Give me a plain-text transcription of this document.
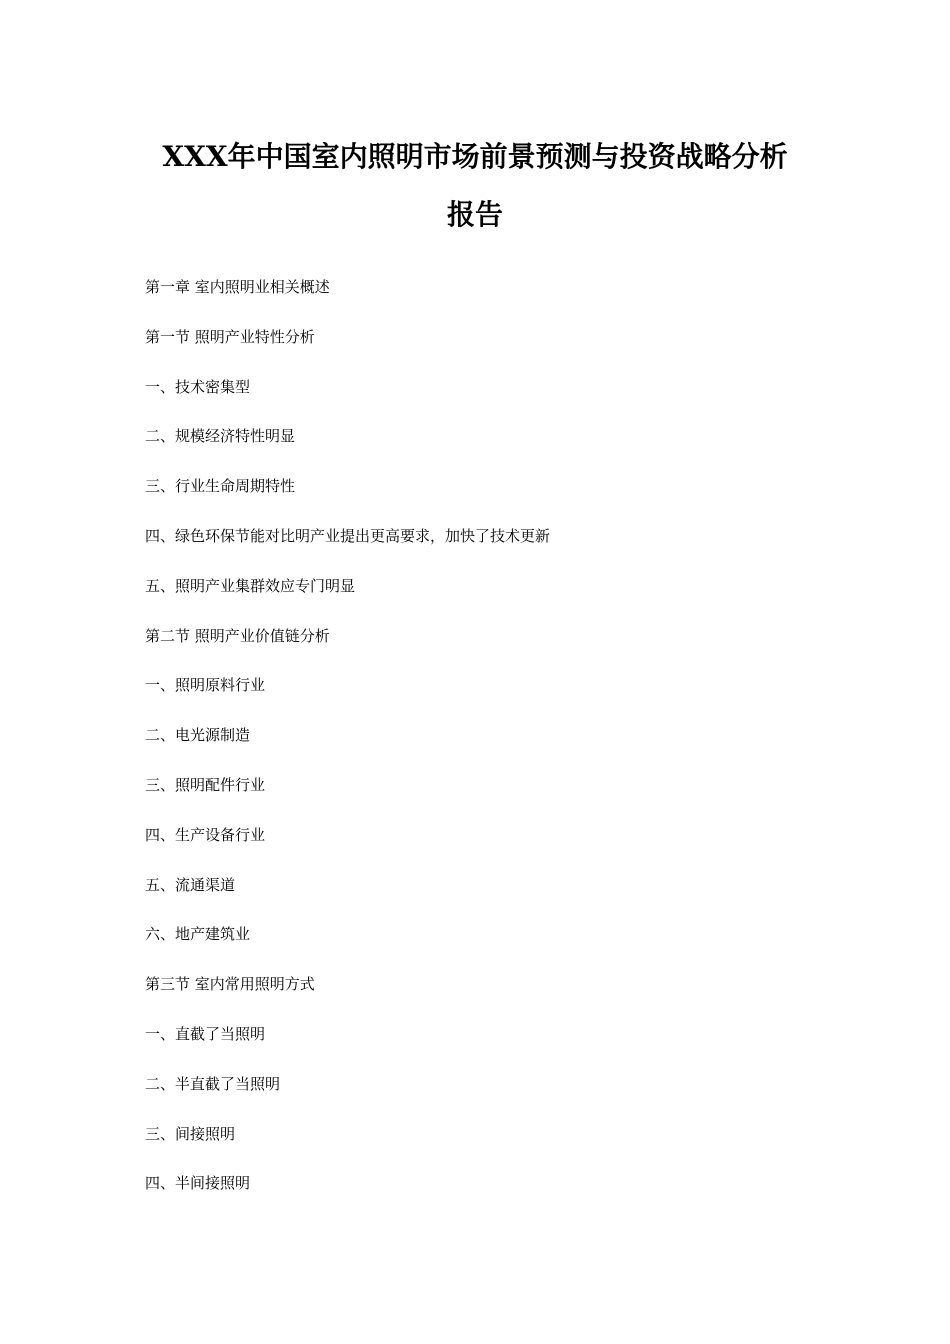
XXX年中国室内照明市场前景预测与投资战略分析
报告
第一章 室内照明业相关概述
第一节 照明产业特性分析
一、技术密集型
二、规模经济特性明显
三、行业生命周期特性
四、绿色环保节能对比明产业提出更高要求，加快了技术更新
五、照明产业集群效应专门明显
第二节 照明产业价值链分析
一、照明原料行业
二、电光源制造
三、照明配件行业
四、生产设备行业
五、流通渠道
六、地产建筑业
第三节 室内常用照明方式
一、直截了当照明
二、半直截了当照明
三、间接照明
四、半间接照明
